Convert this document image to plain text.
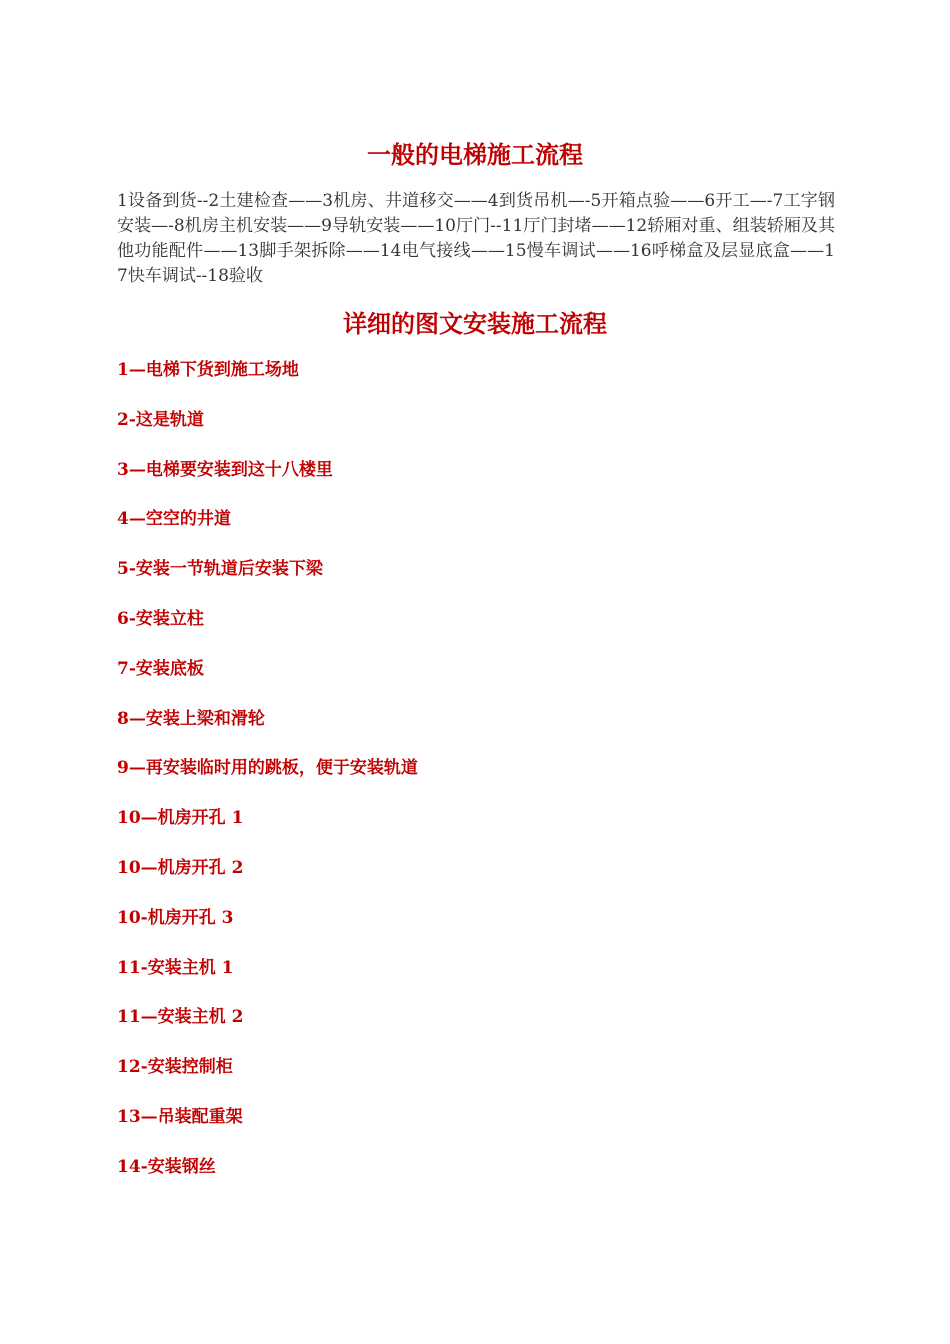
一般的电梯施工流程

1设备到货--2土建检查——3机房、井道移交——4到货吊机—-5开箱点验——6开工—-7工字钢安装—-8机房主机安装——9导轨安装——10厅门--11厅门封堵——12轿厢对重、组装轿厢及其他功能配件——13脚手架拆除——14电气接线——15慢车调试——16呼梯盒及层显底盒——17快车调试--18验收

详细的图文安装施工流程
1—电梯下货到施工场地
2-这是轨道
3—电梯要安装到这十八楼里
4—空空的井道
5-安装一节轨道后安装下梁
6-安装立柱
7-安装底板
8—安装上梁和滑轮
9—再安装临时用的跳板，便于安装轨道
10—机房开孔 1
10—机房开孔 2
10-机房开孔 3
11-安装主机 1
11—安装主机 2
12-安装控制柜
13—吊装配重架
14-安装钢丝
